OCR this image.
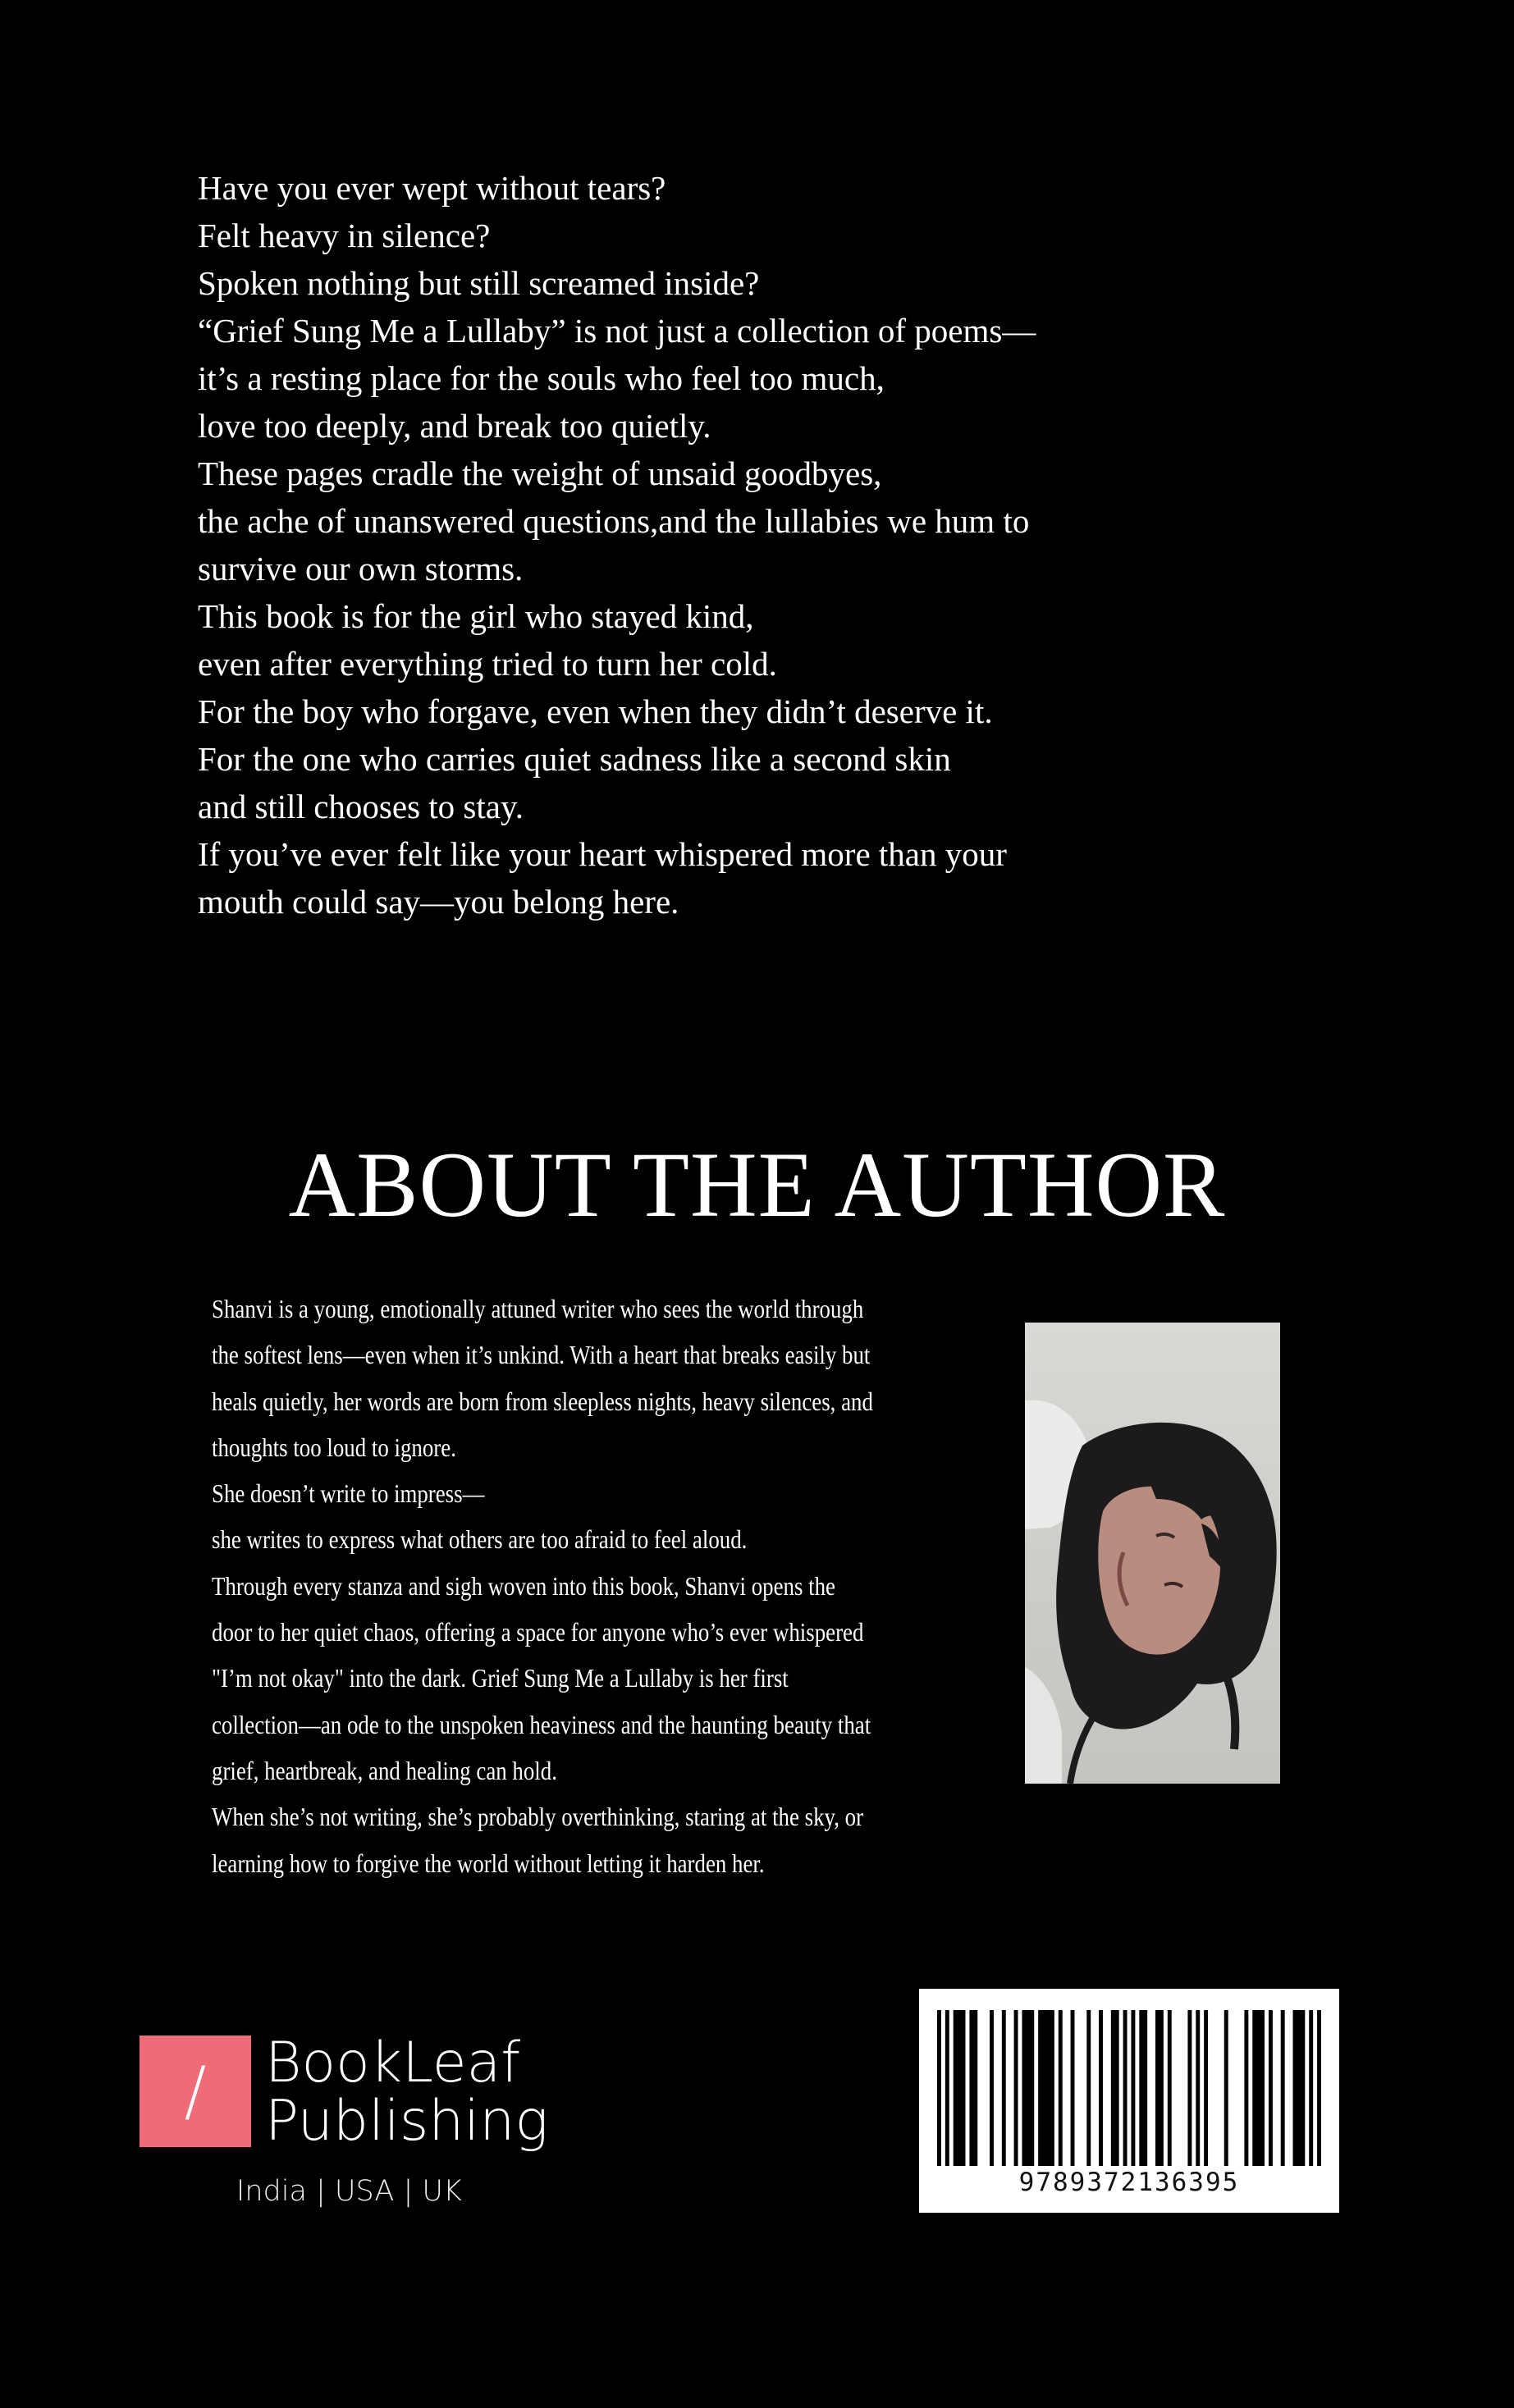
Have you ever wept without tears?
Felt heavy in silence?
Spoken nothing but still screamed inside?
“Grief Sung Me a Lullaby” is not just a collection of poems—
it’s a resting place for the souls who feel too much,
love too deeply, and break too quietly.
These pages cradle the weight of unsaid goodbyes,
the ache of unanswered questions,and the lullabies we hum to
survive our own storms.
This book is for the girl who stayed kind,
even after everything tried to turn her cold.
For the boy who forgave, even when they didn’t deserve it.
For the one who carries quiet sadness like a second skin
and still chooses to stay.
If you’ve ever felt like your heart whispered more than your
mouth could say—you belong here.
ABOUT THE AUTHOR
Shanvi is a young, emotionally attuned writer who sees the world through
the softest lens—even when it’s unkind. With a heart that breaks easily but
heals quietly, her words are born from sleepless nights, heavy silences, and
thoughts too loud to ignore.
She doesn’t write to impress—
she writes to express what others are too afraid to feel aloud.
Through every stanza and sigh woven into this book, Shanvi opens the
door to her quiet chaos, offering a space for anyone who’s ever whispered
"I’m not okay" into the dark. Grief Sung Me a Lullaby is her first
collection—an ode to the unspoken heaviness and the haunting beauty that
grief, heartbreak, and healing can hold.
When she’s not writing, she’s probably overthinking, staring at the sky, or
learning how to forgive the world without letting it harden her.
/	BookLeaf
Publishing
India | USA | UK	9789372136395
